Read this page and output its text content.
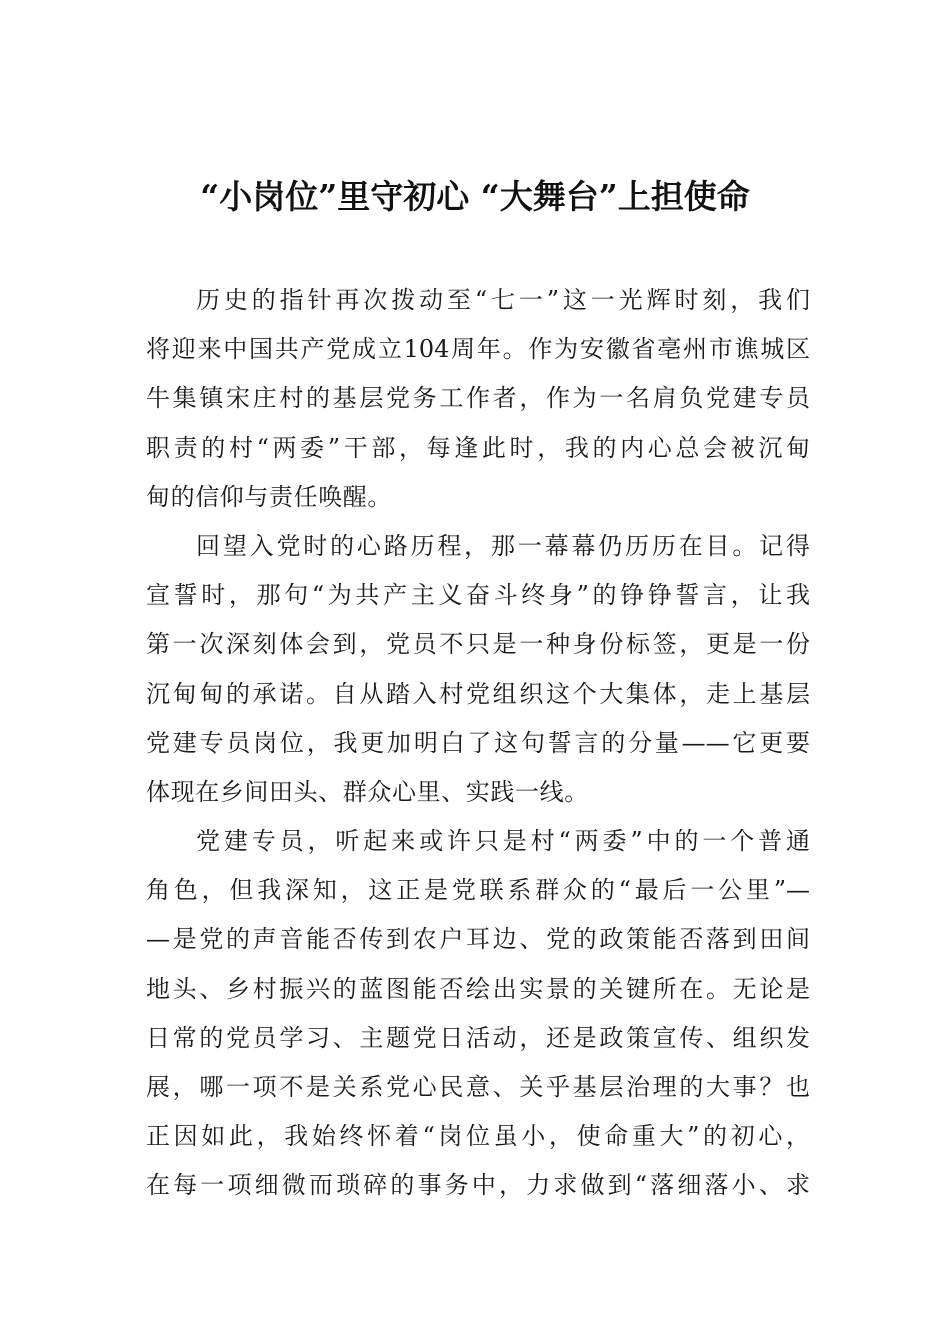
“小岗位”里守初心 “大舞台”上担使命
历史的指针再次拨动至“七一”这一光辉时刻，我们
将迎来中国共产党成立104周年。作为安徽省亳州市谯城区
牛集镇宋庄村的基层党务工作者，作为一名肩负党建专员
职责的村“两委”干部，每逢此时，我的内心总会被沉甸
甸的信仰与责任唤醒。
回望入党时的心路历程，那一幕幕仍历历在目。记得
宣誓时，那句“为共产主义奋斗终身”的铮铮誓言，让我
第一次深刻体会到，党员不只是一种身份标签，更是一份
沉甸甸的承诺。自从踏入村党组织这个大集体，走上基层
党建专员岗位，我更加明白了这句誓言的分量——它更要
体现在乡间田头、群众心里、实践一线。
党建专员，听起来或许只是村“两委”中的一个普通
角色，但我深知，这正是党联系群众的“最后一公里”—
—是党的声音能否传到农户耳边、党的政策能否落到田间
地头、乡村振兴的蓝图能否绘出实景的关键所在。无论是
日常的党员学习、主题党日活动，还是政策宣传、组织发
展，哪一项不是关系党心民意、关乎基层治理的大事？也
正因如此，我始终怀着“岗位虽小，使命重大”的初心，
在每一项细微而琐碎的事务中，力求做到“落细落小、求
